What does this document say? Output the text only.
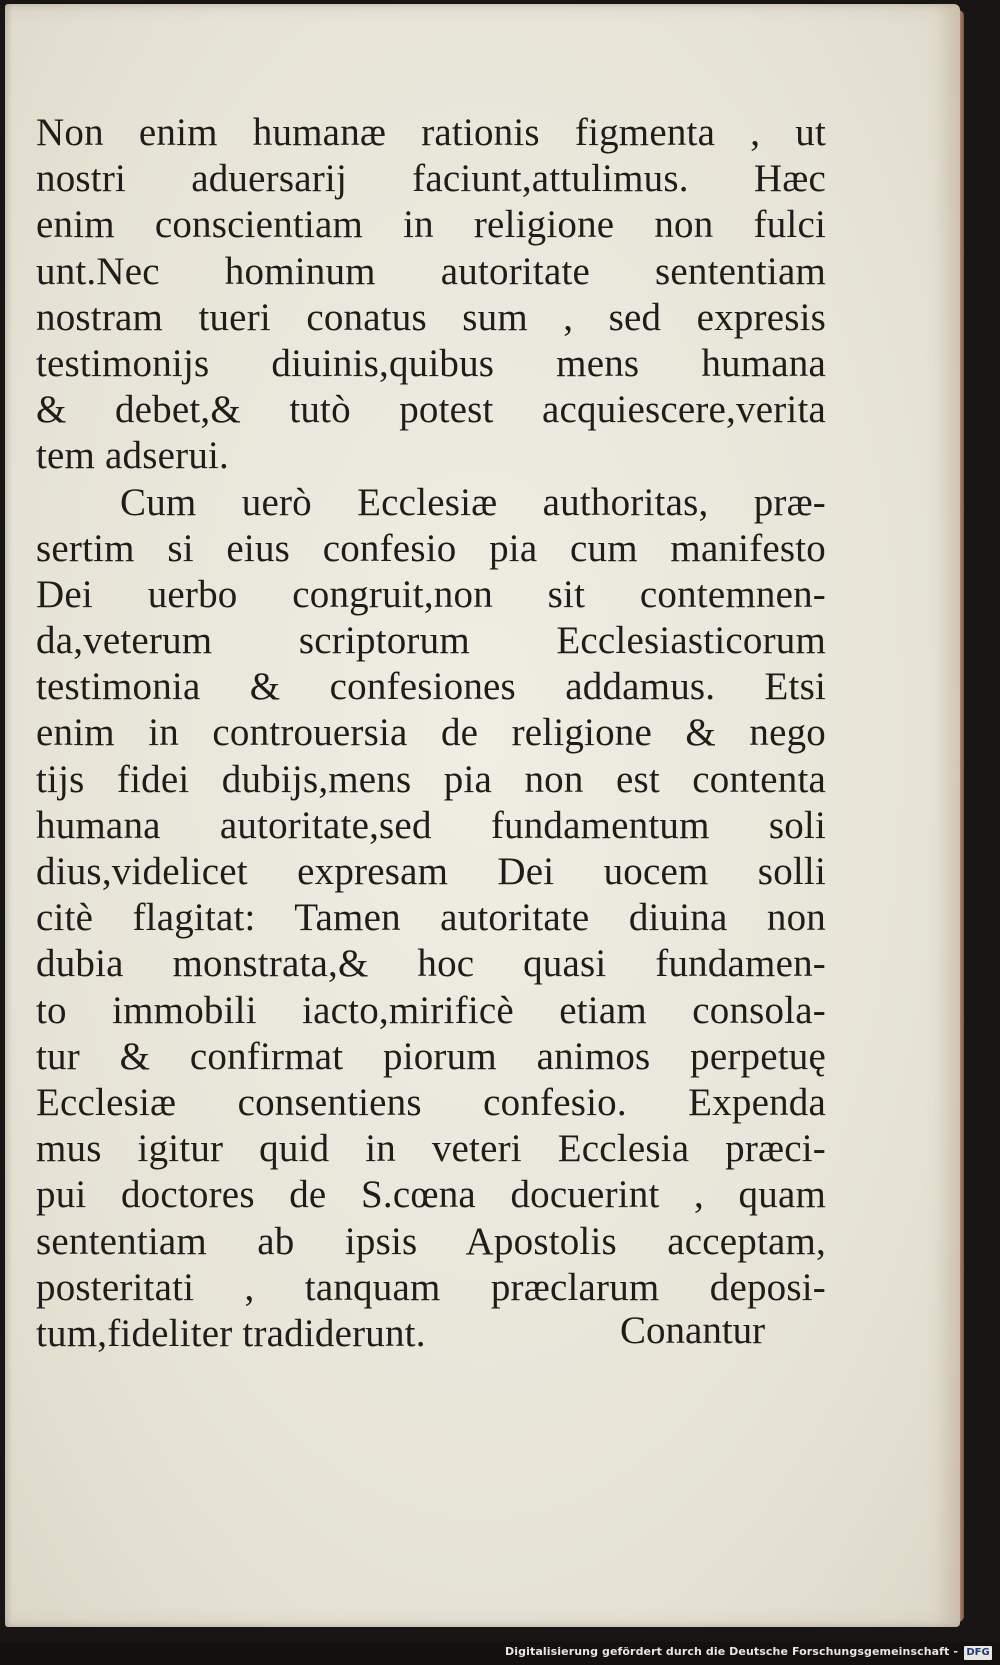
Non enim humanæ rationis figmenta , ut
nostri aduersarij faciunt,attulimus. Hæc
enim conscientiam in religione non fulci
unt.Nec hominum autoritate sententiam
nostram tueri conatus sum , sed expresis
testimonijs diuinis,quibus mens humana
& debet,& tutò potest acquiescere,verita
tem adserui.
Cum uerò Ecclesiæ authoritas, præ-
sertim si eius confesio pia cum manifesto
Dei uerbo congruit,non sit contemnen-
da,veterum scriptorum Ecclesiasticorum
testimonia & confesiones addamus. Etsi
enim in controuersia de religione & nego
tijs fidei dubijs,mens pia non est contenta
humana autoritate,sed fundamentum soli
dius,videlicet expresam Dei uocem solli
citè flagitat: Tamen autoritate diuina non
dubia monstrata,& hoc quasi fundamen-
to immobili iacto,mirificè etiam consola-
tur & confirmat piorum animos perpetuę
Ecclesiæ consentiens confesio. Expenda
mus igitur quid in veteri Ecclesia præci-
pui doctores de S.cœna docuerint , quam
sententiam ab ipsis Apostolis acceptam,
posteritati , tanquam præclarum deposi-
tum,fideliter tradiderunt.	Conantur
Digitalisierung gefördert durch die Deutsche Forschungsgemeinschaft - DFG
